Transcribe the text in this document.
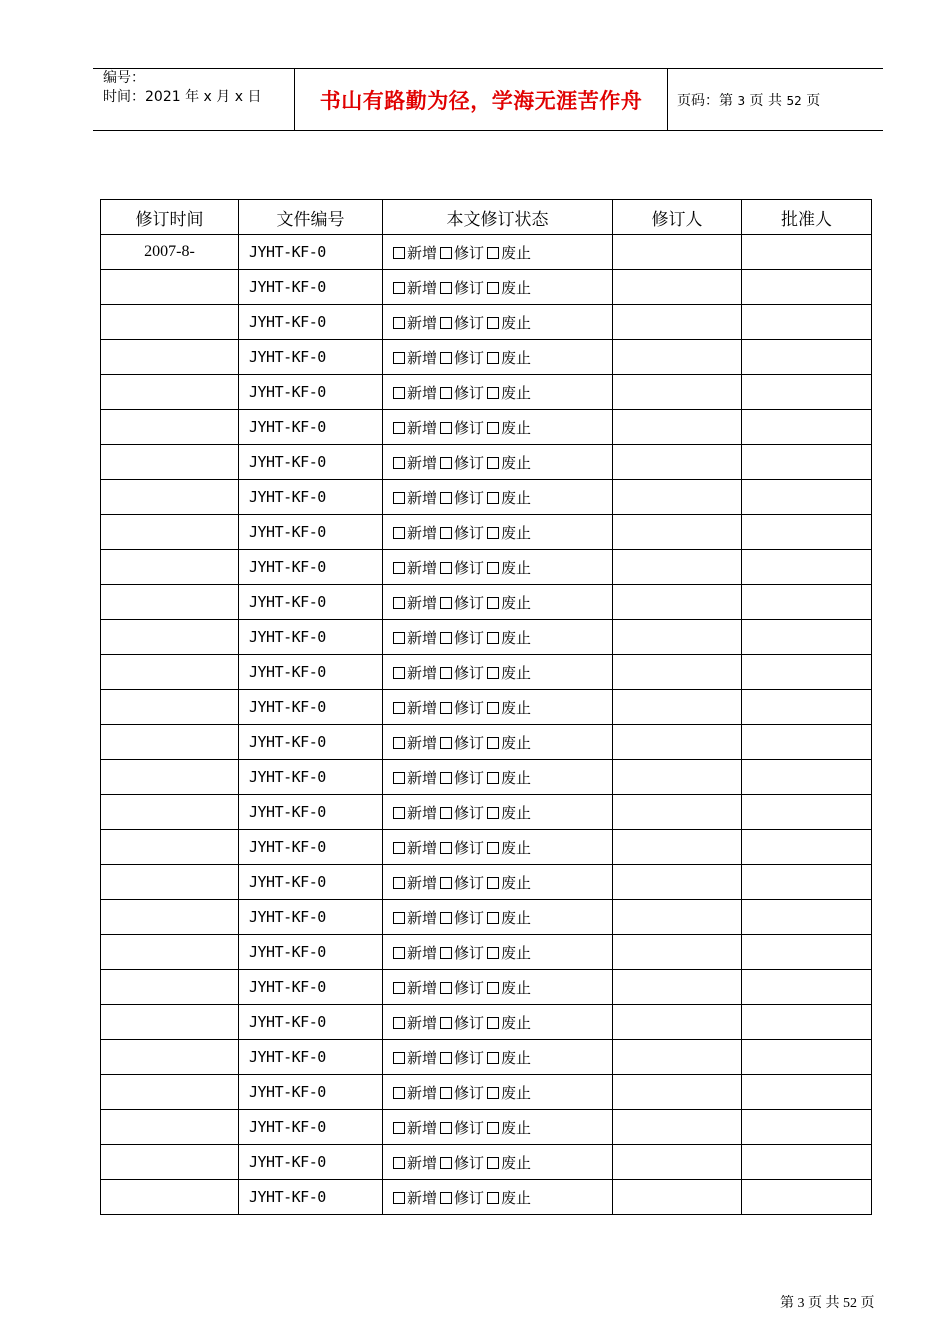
编号：
时间：2021 年 x 月 x 日	书山有路勤为径，学海无涯苦作舟 页码：第 3 页 共 52 页
修订时间	文件编号	本文修订状态	修订人	批准人
2007-8-	JYHT-KF-0	新增 修订 废止		
	JYHT-KF-0	新增 修订 废止		
	JYHT-KF-0	新增 修订 废止		
	JYHT-KF-0	新增 修订 废止		
	JYHT-KF-0	新增 修订 废止		
	JYHT-KF-0	新增 修订 废止		
	JYHT-KF-0	新增 修订 废止		
	JYHT-KF-0	新增 修订 废止		
	JYHT-KF-0	新增 修订 废止		
	JYHT-KF-0	新增 修订 废止		
	JYHT-KF-0	新增 修订 废止		
	JYHT-KF-0	新增 修订 废止		
	JYHT-KF-0	新增 修订 废止		
	JYHT-KF-0	新增 修订 废止		
	JYHT-KF-0	新增 修订 废止		
	JYHT-KF-0	新增 修订 废止		
	JYHT-KF-0	新增 修订 废止		
	JYHT-KF-0	新增 修订 废止		
	JYHT-KF-0	新增 修订 废止		
	JYHT-KF-0	新增 修订 废止		
	JYHT-KF-0	新增 修订 废止		
	JYHT-KF-0	新增 修订 废止		
	JYHT-KF-0	新增 修订 废止		
	JYHT-KF-0	新增 修订 废止		
	JYHT-KF-0	新增 修订 废止		
	JYHT-KF-0	新增 修订 废止		
	JYHT-KF-0	新增 修订 废止		
	JYHT-KF-0	新增 修订 废止		
第 3 页 共 52 页
